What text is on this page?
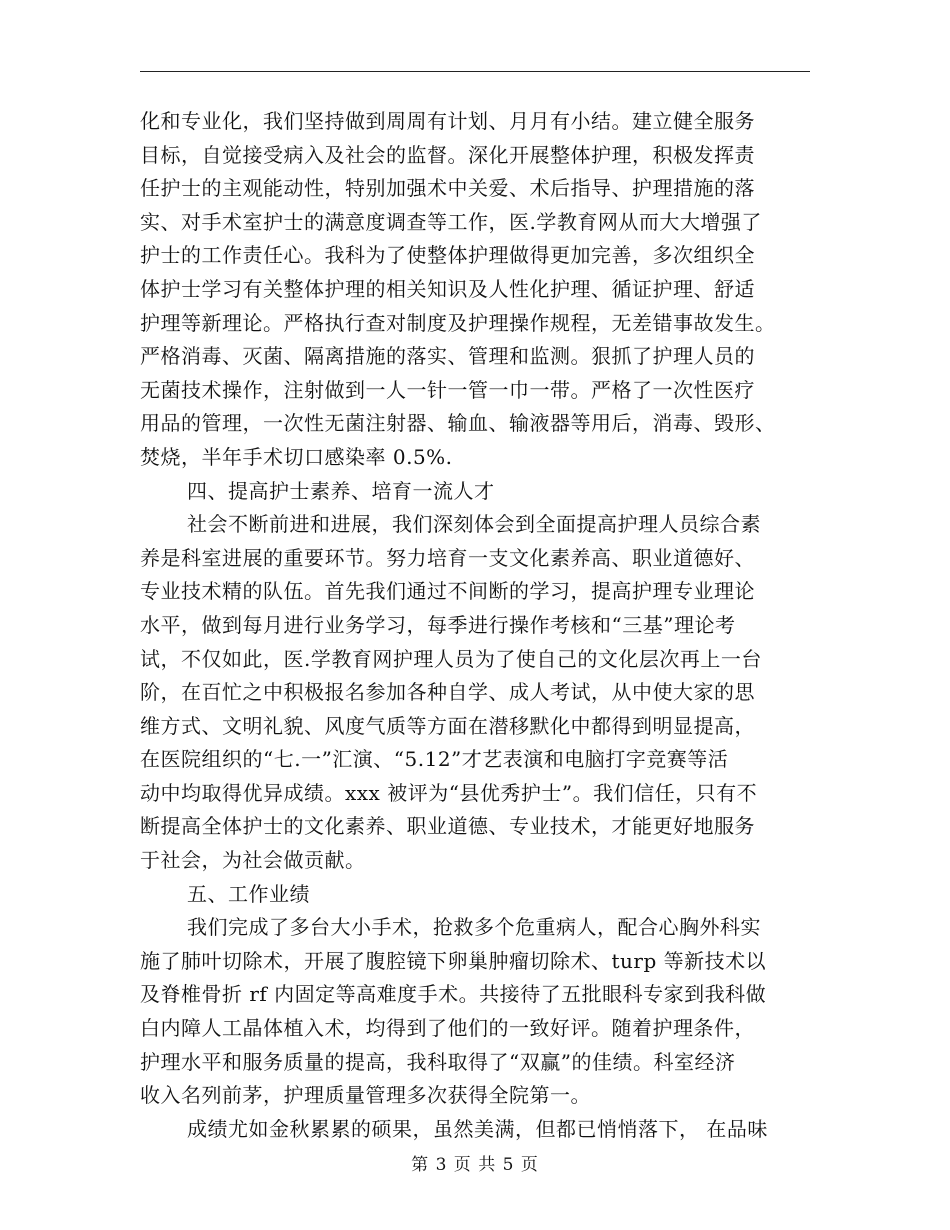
化和专业化，我们坚持做到周周有计划、月月有小结。建立健全服务
目标，自觉接受病入及社会的监督。深化开展整体护理，积极发挥责
任护士的主观能动性，特别加强术中关爱、术后指导、护理措施的落
实、对手术室护士的满意度调查等工作，医.学教育网从而大大增强了
护士的工作责任心。我科为了使整体护理做得更加完善，多次组织全
体护士学习有关整体护理的相关知识及人性化护理、循证护理、舒适
护理等新理论。严格执行查对制度及护理操作规程，无差错事故发生。
严格消毒、灭菌、隔离措施的落实、管理和监测。狠抓了护理人员的
无菌技术操作，注射做到一人一针一管一巾一带。严格了一次性医疗
用品的管理，一次性无菌注射器、输血、输液器等用后，消毒、毁形、
焚烧，半年手术切口感染率 0.5%.
四、提高护士素养、培育一流人才
社会不断前进和进展，我们深刻体会到全面提高护理人员综合素
养是科室进展的重要环节。努力培育一支文化素养高、职业道德好、
专业技术精的队伍。首先我们通过不间断的学习，提高护理专业理论
水平，做到每月进行业务学习，每季进行操作考核和“三基”理论考
试，不仅如此，医.学教育网护理人员为了使自己的文化层次再上一台
阶，在百忙之中积极报名参加各种自学、成人考试，从中使大家的思
维方式、文明礼貌、风度气质等方面在潜移默化中都得到明显提高，
在医院组织的“七.一”汇演、“5.12”才艺表演和电脑打字竞赛等活
动中均取得优异成绩。xxx 被评为“县优秀护士”。我们信任，只有不
断提高全体护士的文化素养、职业道德、专业技术，才能更好地服务
于社会，为社会做贡献。
五、工作业绩
我们完成了多台大小手术，抢救多个危重病人，配合心胸外科实
施了肺叶切除术，开展了腹腔镜下卵巢肿瘤切除术、turp 等新技术以
及脊椎骨折 rf 内固定等高难度手术。共接待了五批眼科专家到我科做
白内障人工晶体植入术，均得到了他们的一致好评。随着护理条件，
护理水平和服务质量的提高，我科取得了“双赢”的佳绩。科室经济
收入名列前茅，护理质量管理多次获得全院第一。
成绩尤如金秋累累的硕果，虽然美满，但都已悄悄落下， 在品味
第 3 页 共 5 页
